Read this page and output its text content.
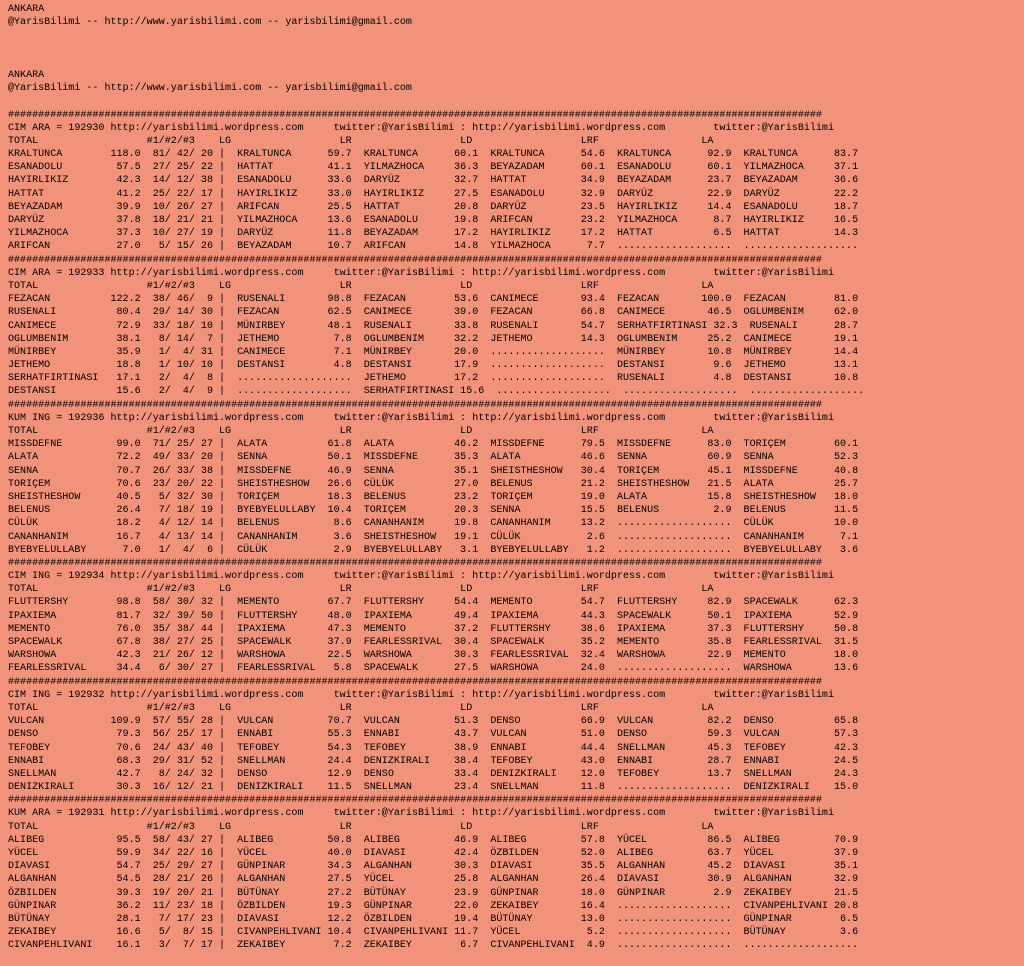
ANKARA
@YarisBilimi -- http://www.yarisbilimi.com -- yarisbilimi@gmail.com
ANKARA
@YarisBilimi -- http://www.yarisbilimi.com -- yarisbilimi@gmail.com
#######################################################################################################################################
CIM ARA = 192930 http://yarisbilimi.wordpress.com     twitter:@YarisBilimi : http://yarisbilimi.wordpress.com        twitter:@YarisBilimi
TOTAL                  #1/#2/#3    LG                  LR                  LD                  LRF                 LA
KRALTUNCA        118.0  81/ 42/ 20 |  KRALTUNCA      59.7  KRALTUNCA      60.1  KRALTUNCA      54.6  KRALTUNCA      92.9  KRALTUNCA      83.7
ESANADOLU         57.5  27/ 25/ 22 |  HATTAT         41.1  YILMAZHOCA     36.3  BEYAZADAM      60.1  ESANADOLU      60.1  YILMAZHOCA     37.1
HAYIRLIKIZ        42.3  14/ 12/ 38 |  ESANADOLU      33.6  DARYÜZ         32.7  HATTAT         34.9  BEYAZADAM      23.7  BEYAZADAM      36.6
HATTAT            41.2  25/ 22/ 17 |  HAYIRLIKIZ     33.0  HAYIRLIKIZ     27.5  ESANADOLU      32.9  DARYÜZ         22.9  DARYÜZ         22.2
BEYAZADAM         39.9  10/ 26/ 27 |  ARIFCAN        25.5  HATTAT         20.8  DARYÜZ         23.5  HAYIRLIKIZ     14.4  ESANADOLU      18.7
DARYÜZ            37.8  18/ 21/ 21 |  YILMAZHOCA     13.6  ESANADOLU      19.8  ARIFCAN        23.2  YILMAZHOCA      8.7  HAYIRLIKIZ     16.5
YILMAZHOCA        37.3  10/ 27/ 19 |  DARYÜZ         11.8  BEYAZADAM      17.2  HAYIRLIKIZ     17.2  HATTAT          6.5  HATTAT         14.3
ARIFCAN           27.0   5/ 15/ 26 |  BEYAZADAM      10.7  ARIFCAN        14.8  YILMAZHOCA      7.7  ...................  ...................
#######################################################################################################################################
CIM ARA = 192933 http://yarisbilimi.wordpress.com     twitter:@YarisBilimi : http://yarisbilimi.wordpress.com        twitter:@YarisBilimi
TOTAL                  #1/#2/#3    LG                  LR                  LD                  LRF                 LA
FEZACAN          122.2  38/ 46/  9 |  RUSENALI       98.8  FEZACAN        53.6  CANIMECE       93.4  FEZACAN       100.0  FEZACAN        81.0
RUSENALI          80.4  29/ 14/ 30 |  FEZACAN        62.5  CANIMECE       39.0  FEZACAN        66.8  CANIMECE       46.5  OGLUMBENIM     62.0
CANIMECE          72.9  33/ 18/ 10 |  MÜNIRBEY       48.1  RUSENALI       33.8  RUSENALI       54.7  SERHATFIRTINASI 32.3  RUSENALI      28.7
OGLUMBENIM        38.1   8/ 14/  7 |  JETHEMO         7.8  OGLUMBENIM     32.2  JETHEMO        14.3  OGLUMBENIM     25.2  CANIMECE       19.1
MÜNIRBEY          35.9   1/  4/ 31 |  CANIMECE        7.1  MÜNIRBEY       20.0  ...................  MÜNIRBEY       10.8  MÜNIRBEY       14.4
JETHEMO           18.8   1/ 10/ 10 |  DESTANSI        4.8  DESTANSI       17.9  ...................  DESTANSI        9.6  JETHEMO        13.1
SERHATFIRTINASI   17.1   2/  4/  8 |  ...................  JETHEMO        17.2  ...................  RUSENALI        4.8  DESTANSI       10.8
DESTANSI          15.6   2/  4/  9 |  ...................  SERHATFIRTINASI 15.6  ...................  ...................  ...................
#######################################################################################################################################
KUM ING = 192936 http://yarisbilimi.wordpress.com     twitter:@YarisBilimi : http://yarisbilimi.wordpress.com        twitter:@YarisBilimi
TOTAL                  #1/#2/#3    LG                  LR                  LD                  LRF                 LA
MISSDEFNE         99.0  71/ 25/ 27 |  ALATA          61.8  ALATA          46.2  MISSDEFNE      79.5  MISSDEFNE      83.0  TORIÇEM        60.1
ALATA             72.2  49/ 33/ 20 |  SENNA          50.1  MISSDEFNE      35.3  ALATA          46.6  SENNA          60.9  SENNA          52.3
SENNA             70.7  26/ 33/ 38 |  MISSDEFNE      46.9  SENNA          35.1  SHEISTHESHOW   30.4  TORIÇEM        45.1  MISSDEFNE      40.8
TORIÇEM           70.6  23/ 20/ 22 |  SHEISTHESHOW   26.6  CÜLÜK          27.0  BELENUS        21.2  SHEISTHESHOW   21.5  ALATA          25.7
SHEISTHESHOW      40.5   5/ 32/ 30 |  TORIÇEM        18.3  BELENUS        23.2  TORIÇEM        19.0  ALATA          15.8  SHEISTHESHOW   18.0
BELENUS           26.4   7/ 18/ 19 |  BYEBYELULLABY  10.4  TORIÇEM        20.3  SENNA          15.5  BELENUS         2.9  BELENUS        11.5
CÜLÜK             18.2   4/ 12/ 14 |  BELENUS         8.6  CANANHANIM     19.8  CANANHANIM     13.2  ...................  CÜLÜK          10.0
CANANHANIM        16.7   4/ 13/ 14 |  CANANHANIM      3.6  SHEISTHESHOW   19.1  CÜLÜK           2.6  ...................  CANANHANIM      7.1
BYEBYELULLABY      7.0   1/  4/  6 |  CÜLÜK           2.9  BYEBYELULLABY   3.1  BYEBYELULLABY   1.2  ...................  BYEBYELULLABY   3.6
#######################################################################################################################################
CIM ING = 192934 http://yarisbilimi.wordpress.com     twitter:@YarisBilimi : http://yarisbilimi.wordpress.com        twitter:@YarisBilimi
TOTAL                  #1/#2/#3    LG                  LR                  LD                  LRF                 LA
FLUTTERSHY        98.8  58/ 30/ 32 |  MEMENTO        67.7  FLUTTERSHY     54.4  MEMENTO        54.7  FLUTTERSHY     82.9  SPACEWALK      62.3
IPAXIEMA          81.7  32/ 39/ 50 |  FLUTTERSHY     48.0  IPAXIEMA       49.4  IPAXIEMA       44.3  SPACEWALK      50.1  IPAXIEMA       52.9
MEMENTO           76.0  35/ 38/ 44 |  IPAXIEMA       47.3  MEMENTO        37.2  FLUTTERSHY     38.6  IPAXIEMA       37.3  FLUTTERSHY     50.8
SPACEWALK         67.8  38/ 27/ 25 |  SPACEWALK      37.9  FEARLESSRIVAL  30.4  SPACEWALK      35.2  MEMENTO        35.8  FEARLESSRIVAL  31.5
WARSHOWA          42.3  21/ 26/ 12 |  WARSHOWA       22.5  WARSHOWA       30.3  FEARLESSRIVAL  32.4  WARSHOWA       22.9  MEMENTO        18.0
FEARLESSRIVAL     34.4   6/ 30/ 27 |  FEARLESSRIVAL   5.8  SPACEWALK      27.5  WARSHOWA       24.0  ...................  WARSHOWA       13.6
#######################################################################################################################################
CIM ING = 192932 http://yarisbilimi.wordpress.com     twitter:@YarisBilimi : http://yarisbilimi.wordpress.com        twitter:@YarisBilimi
TOTAL                  #1/#2/#3    LG                  LR                  LD                  LRF                 LA
VULCAN           109.9  57/ 55/ 28 |  VULCAN         70.7  VULCAN         51.3  DENSO          66.9  VULCAN         82.2  DENSO          65.8
DENSO             79.3  56/ 25/ 17 |  ENNABI         55.3  ENNABI         43.7  VULCAN         51.0  DENSO          59.3  VULCAN         57.3
TEFOBEY           70.6  24/ 43/ 40 |  TEFOBEY        54.3  TEFOBEY        38.9  ENNABI         44.4  SNELLMAN       45.3  TEFOBEY        42.3
ENNABI            68.3  29/ 31/ 52 |  SNELLMAN       24.4  DENIZKIRALI    38.4  TEFOBEY        43.0  ENNABI         28.7  ENNABI         24.5
SNELLMAN          42.7   8/ 24/ 32 |  DENSO          12.9  DENSO          33.4  DENIZKIRALI    12.0  TEFOBEY        13.7  SNELLMAN       24.3
DENIZKIRALI       30.3  16/ 12/ 21 |  DENIZKIRALI    11.5  SNELLMAN       23.4  SNELLMAN       11.8  ...................  DENIZKIRALI    15.0
#######################################################################################################################################
KUM ARA = 192931 http://yarisbilimi.wordpress.com     twitter:@YarisBilimi : http://yarisbilimi.wordpress.com        twitter:@YarisBilimi
TOTAL                  #1/#2/#3    LG                  LR                  LD                  LRF                 LA
ALIBEG            95.5  58/ 43/ 27 |  ALIBEG         50.8  ALIBEG         46.9  ALIBEG         57.8  YÜCEL          86.5  ALIBEG         70.9
YÜCEL             59.9  34/ 22/ 16 |  YÜCEL          40.0  DIAVASI        42.4  ÖZBILDEN       52.0  ALIBEG         63.7  YÜCEL          37.9
DIAVASI           54.7  25/ 29/ 27 |  GÜNPINAR       34.3  ALGANHAN       30.3  DIAVASI        35.5  ALGANHAN       45.2  DIAVASI        35.1
ALGANHAN          54.5  28/ 21/ 26 |  ALGANHAN       27.5  YÜCEL          25.8  ALGANHAN       26.4  DIAVASI        30.9  ALGANHAN       32.9
ÖZBILDEN          39.3  19/ 20/ 21 |  BÜTÜNAY        27.2  BÜTÜNAY        23.9  GÜNPINAR       18.0  GÜNPINAR        2.9  ZEKAIBEY       21.5
GÜNPINAR          36.2  11/ 23/ 18 |  ÖZBILDEN       19.3  GÜNPINAR       22.0  ZEKAIBEY       16.4  ...................  CIVANPEHLIVANI 20.8
BÜTÜNAY           28.1   7/ 17/ 23 |  DIAVASI        12.2  ÖZBILDEN       19.4  BÜTÜNAY        13.0  ...................  GÜNPINAR        6.5
ZEKAIBEY          16.6   5/  8/ 15 |  CIVANPEHLIVANI 10.4  CIVANPEHLIVANI 11.7  YÜCEL           5.2  ...................  BÜTÜNAY         3.6
CIVANPEHLIVANI    16.1   3/  7/ 17 |  ZEKAIBEY        7.2  ZEKAIBEY        6.7  CIVANPEHLIVANI  4.9  ...................  ...................
